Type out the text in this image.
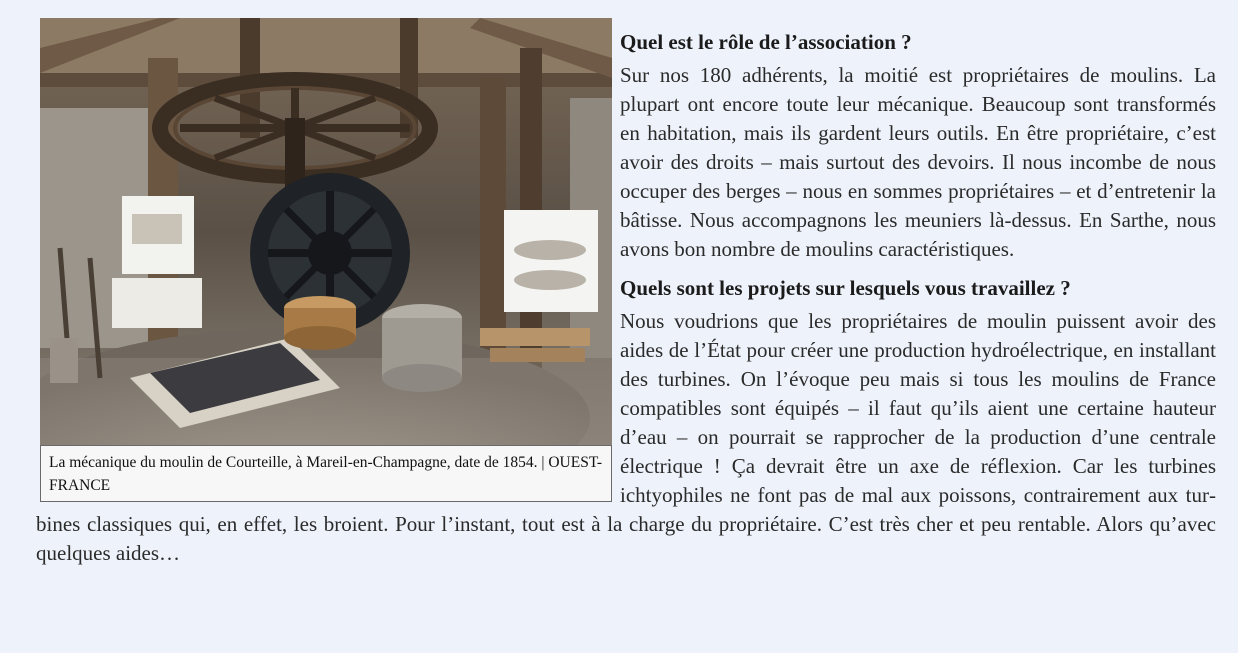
La mécanique du moulin de Courteille, à Mareil-en-Champagne, date de 1854. | OUEST-FRANCE
Quel est le rôle de l’association ?
Sur nos 180 adhérents, la moitié est propriétaires de moulins. La plupart ont encore toute leur mécanique. Beaucoup sont transformés en habitation, mais ils gardent leurs outils. En être propriétaire, c’est avoir des droits – mais surtout des devoirs. Il nous incombe de nous occuper des berges – nous en sommes propriétaires – et d’entretenir la bâtisse. Nous accompagnons les meuniers là-dessus. En Sarthe, nous avons bon nombre de moulins caractéristiques.
Quels sont les projets sur lesquels vous travaillez ?
Nous voudrions que les propriétaires de moulin puissent avoir des aides de l’État pour créer une production hydroélectrique, en installant des turbines. On l’évoque peu mais si tous les moulins de France compatibles sont équipés – il faut qu’ils aient une certaine hauteur d’eau – on pourrait se rapprocher de la production d’une centrale électrique ! Ça devrait être un axe de réflexion. Car les turbines ichtyophiles ne font pas de mal aux poissons, contrairement aux turbines classiques qui, en effet, les broient. Pour l’instant, tout est à la charge du propriétaire. C’est très cher et peu rentable. Alors qu’avec quelques aides…
